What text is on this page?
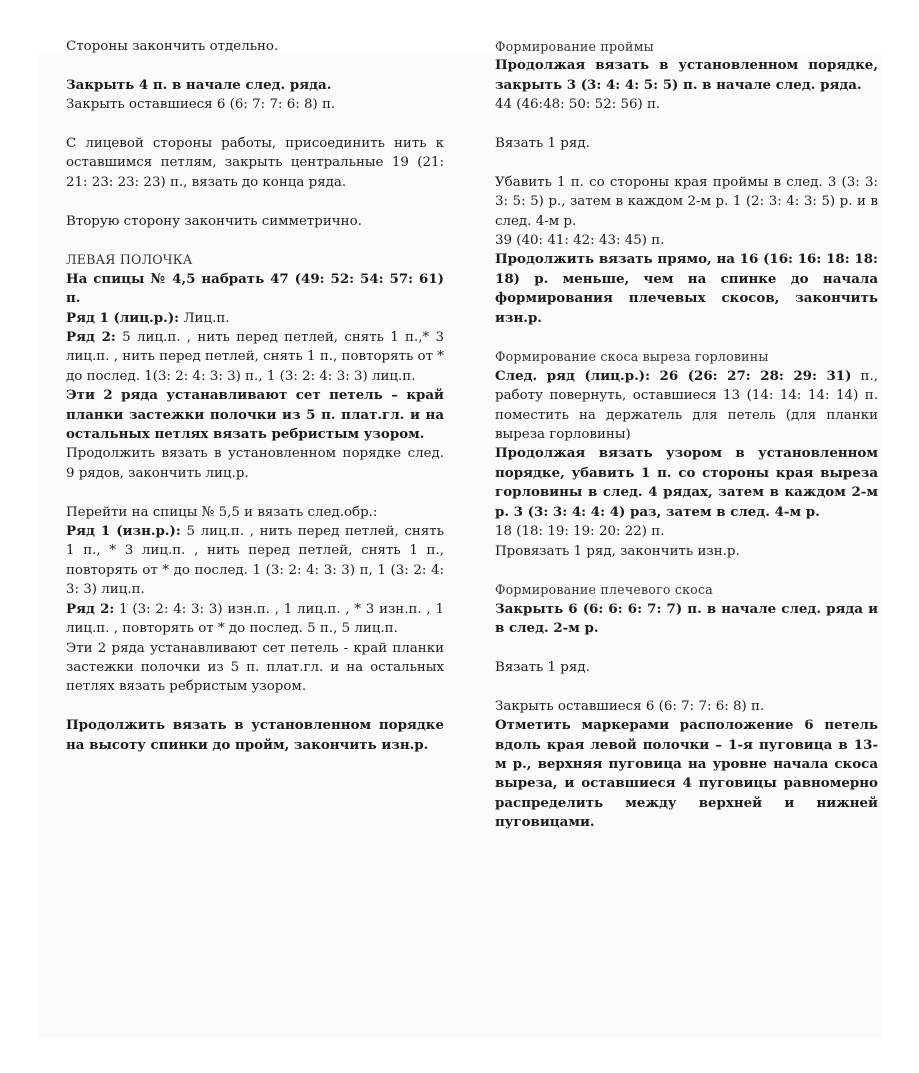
Стороны закончить отдельно.

Закрыть 4 п. в начале след. ряда.

Закрыть оставшиеся 6 (6: 7: 7: 6: 8) п.

С лицевой стороны работы, присоединить нить к оставшимся петлям, закрыть центральные 19 (21: 21: 23: 23: 23) п., вязать до конца ряда.

Вторую сторону закончить симметрично.

ЛЕВАЯ ПОЛОЧКА

На спицы № 4,5 набрать 47 (49: 52: 54: 57: 61) п.

Ряд 1 (лиц.р.): Лиц.п.

Ряд 2: 5 лиц.п. , нить перед петлей, снять 1 п.,* 3 лиц.п. , нить перед петлей, снять 1 п., повторять от * до послед. 1(3: 2: 4: 3: 3) п., 1 (3: 2: 4: 3: 3) лиц.п.

Эти 2 ряда устанавливают сет петель – край планки застежки полочки из 5 п. плат.гл. и на остальных петлях вязать ребристым узором.

Продолжить вязать в установленном порядке след. 9 рядов, закончить лиц.р.

Перейти на спицы № 5,5 и вязать след.обр.:

Ряд 1 (изн.р.): 5 лиц.п. , нить перед петлей, снять 1 п., * 3 лиц.п. , нить перед петлей, снять 1 п., повторять от * до послед. 1 (3: 2: 4: 3: 3) п, 1 (3: 2: 4: 3: 3) лиц.п.

Ряд 2: 1 (3: 2: 4: 3: 3) изн.п. , 1 лиц.п. , * 3 изн.п. , 1 лиц.п. , повторять от * до послед. 5 п., 5 лиц.п.

Эти 2 ряда устанавливают сет петель - край планки застежки полочки из 5 п. плат.гл. и на остальных петлях вязать ребристым узором.

Продолжить вязать в установленном порядке на высоту спинки до пройм, закончить изн.р.

Формирование проймы

Продолжая вязать в установленном порядке, закрыть 3 (3: 4: 4: 5: 5) п. в начале след. ряда.

44 (46:48: 50: 52: 56) п.

Вязать 1 ряд.

Убавить 1 п. со стороны края проймы в след. 3 (3: 3: 3: 5: 5) р., затем в каждом 2-м р. 1 (2: 3: 4: 3: 5) р. и в след. 4-м р.

39 (40: 41: 42: 43: 45) п.

Продолжить вязать прямо, на 16 (16: 16: 18: 18: 18) р. меньше, чем на спинке до начала формирования плечевых скосов, закончить изн.р.

Формирование скоса выреза горловины

След. ряд (лиц.р.): 26 (26: 27: 28: 29: 31) п., работу повернуть, оставшиеся 13 (14: 14: 14: 14) п. поместить на держатель для петель (для планки выреза горловины)

Продолжая вязать узором в установленном порядке, убавить 1 п. со стороны края выреза горловины в след. 4 рядах, затем в каждом 2-м р. 3 (3: 3: 4: 4: 4) раз, затем в след. 4-м р.

18 (18: 19: 19: 20: 22) п.

Провязать 1 ряд, закончить изн.р.

Формирование плечевого скоса

Закрыть 6 (6: 6: 6: 7: 7) п. в начале след. ряда и в след. 2-м р.

Вязать 1 ряд.

Закрыть оставшиеся 6 (6: 7: 7: 6: 8) п.

Отметить маркерами расположение 6 петель вдоль края левой полочки – 1-я пуговица в 13-м р., верхняя пуговица на уровне начала скоса выреза, и оставшиеся 4 пуговицы равномерно распределить между верхней и нижней пуговицами.
